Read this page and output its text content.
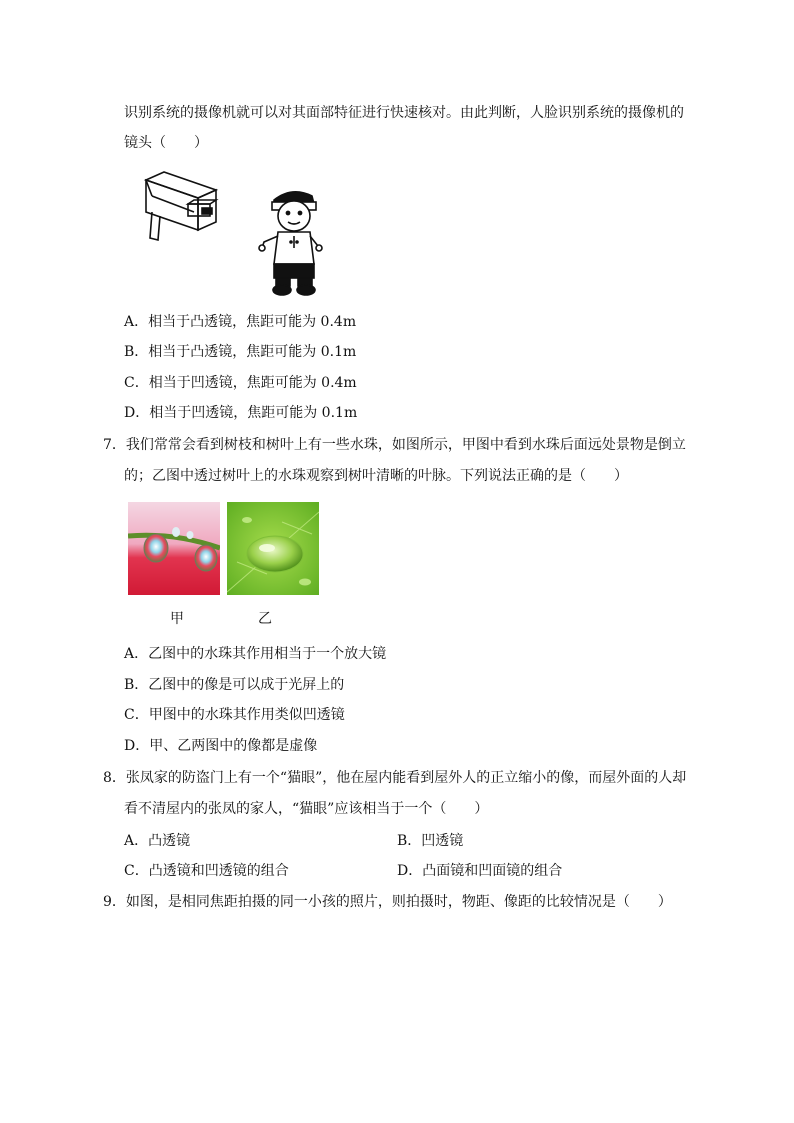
识别系统的摄像机就可以对其面部特征进行快速核对。由此判断，人脸识别系统的摄像机的
镜头（　　）
A．相当于凸透镜，焦距可能为 0.4m
B．相当于凸透镜，焦距可能为 0.1m
C．相当于凹透镜，焦距可能为 0.4m
D．相当于凹透镜，焦距可能为 0.1m
7．我们常常会看到树枝和树叶上有一些水珠，如图所示，甲图中看到水珠后面远处景物是倒立
的；乙图中透过树叶上的水珠观察到树叶清晰的叶脉。下列说法正确的是（　　）
甲	乙
A．乙图中的水珠其作用相当于一个放大镜
B．乙图中的像是可以成于光屏上的
C．甲图中的水珠其作用类似凹透镜
D．甲、乙两图中的像都是虚像
8．张凤家的防盗门上有一个“猫眼”，他在屋内能看到屋外人的正立缩小的像，而屋外面的人却
看不清屋内的张凤的家人，“猫眼”应该相当于一个（　　）
A．凸透镜	B．凹透镜
C．凸透镜和凹透镜的组合	D．凸面镜和凹面镜的组合
9．如图，是相同焦距拍摄的同一小孩的照片，则拍摄时，物距、像距的比较情况是（　　）
